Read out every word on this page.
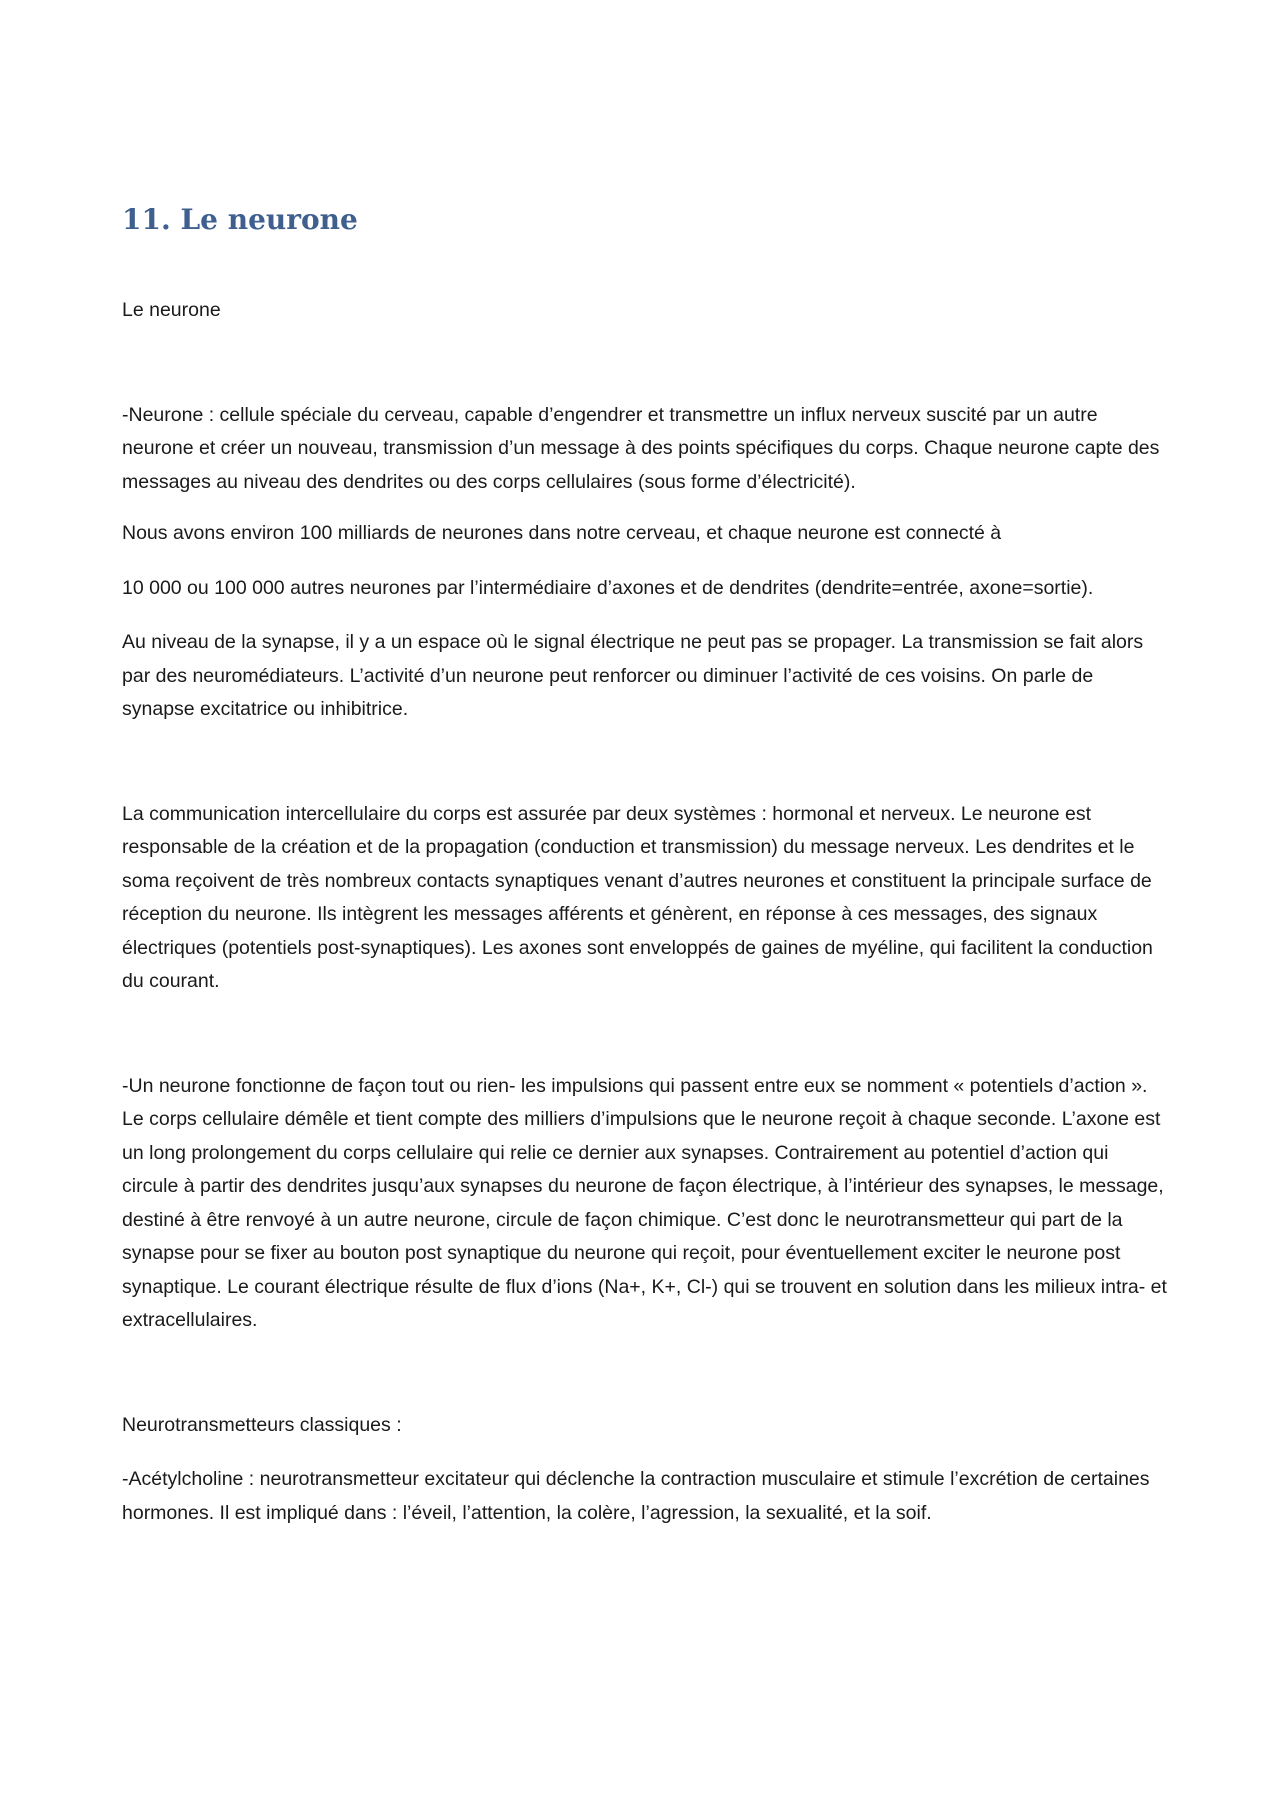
11. Le neurone

Le neurone

-Neurone : cellule spéciale du cerveau, capable d’engendrer et transmettre un influx nerveux suscité par un autre neurone et créer un nouveau, transmission d’un message à des points spécifiques du corps. Chaque neurone capte des messages au niveau des dendrites ou des corps cellulaires (sous forme d’électricité).

Nous avons environ 100 milliards de neurones dans notre cerveau, et chaque neurone est connecté à

10 000 ou 100 000 autres neurones par l’intermédiaire d’axones et de dendrites (dendrite=entrée, axone=sortie).

Au niveau de la synapse, il y a un espace où le signal électrique ne peut pas se propager. La transmission se fait alors par des neuromédiateurs. L’activité d’un neurone peut renforcer ou diminuer l’activité de ces voisins. On parle de synapse excitatrice ou inhibitrice.

La communication intercellulaire du corps est assurée par deux systèmes : hormonal et nerveux. Le neurone est responsable de la création et de la propagation (conduction et transmission) du message nerveux. Les dendrites et le soma reçoivent de très nombreux contacts synaptiques venant d’autres neurones et constituent la principale surface de réception du neurone. Ils intègrent les messages afférents et génèrent, en réponse à ces messages, des signaux électriques (potentiels post-synaptiques). Les axones sont enveloppés de gaines de myéline, qui facilitent la conduction du courant.

-Un neurone fonctionne de façon tout ou rien- les impulsions qui passent entre eux se nomment « potentiels d’action ». Le corps cellulaire démêle et tient compte des milliers d’impulsions que le neurone reçoit à chaque seconde. L’axone est un long prolongement du corps cellulaire qui relie ce dernier aux synapses. Contrairement au potentiel d’action qui circule à partir des dendrites jusqu’aux synapses du neurone de façon électrique, à l’intérieur des synapses, le message, destiné à être renvoyé à un autre neurone, circule de façon chimique. C’est donc le neurotransmetteur qui part de la synapse pour se fixer au bouton post synaptique du neurone qui reçoit, pour éventuellement exciter le neurone post synaptique. Le courant électrique résulte de flux d’ions (Na+, K+, Cl-) qui se trouvent en solution dans les milieux intra- et extracellulaires.

Neurotransmetteurs classiques :

-Acétylcholine : neurotransmetteur excitateur qui déclenche la contraction musculaire et stimule l’excrétion de certaines hormones. Il est impliqué dans : l’éveil, l’attention, la colère, l’agression, la sexualité, et la soif.
